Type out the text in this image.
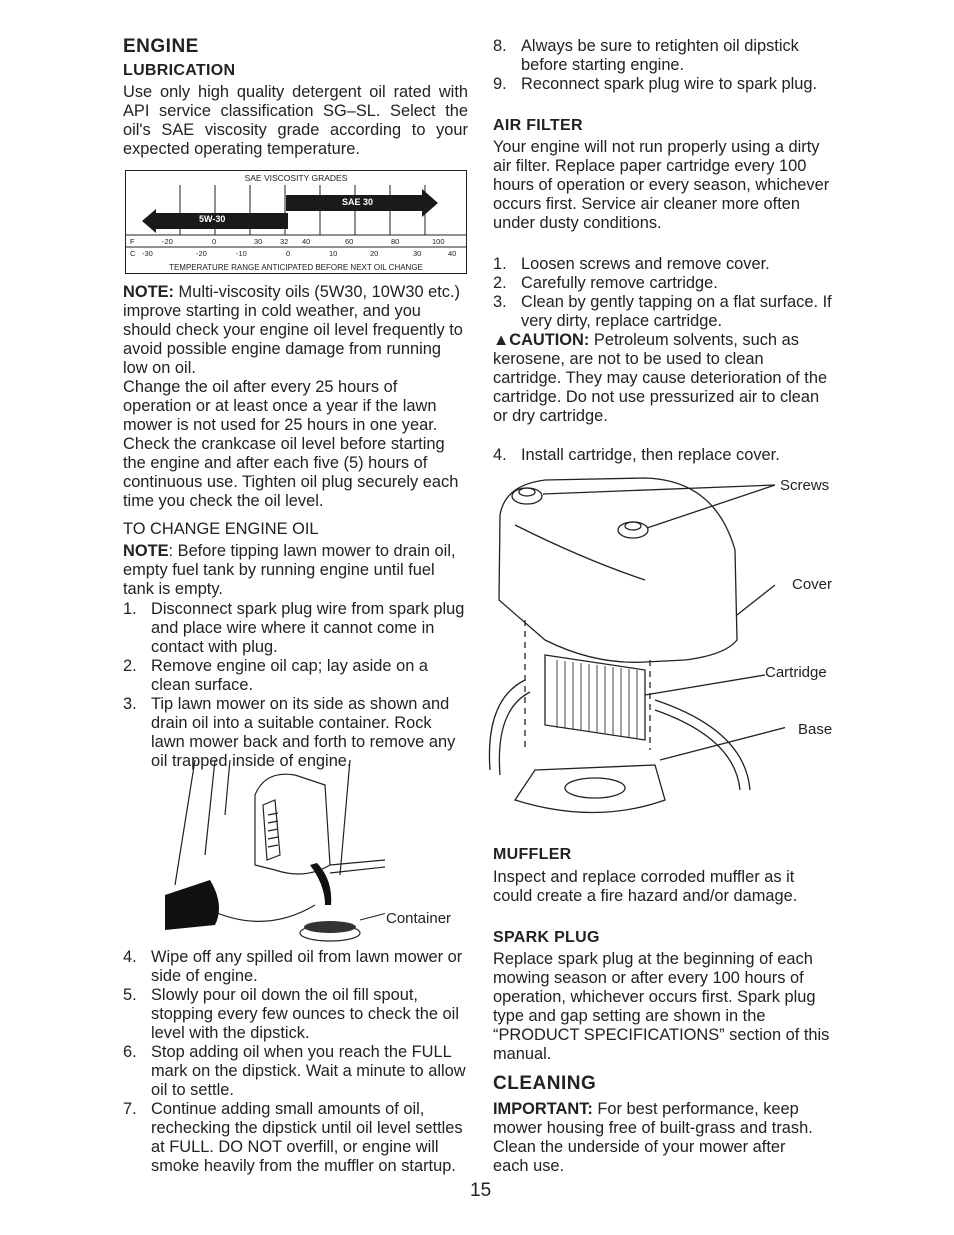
ENGINE
LUBRICATION

Use only high quality detergent oil rated with API service classification SG–SL. Select the oil's SAE viscosity grade according to your expected operating temperature.

SAE VISCOSITY GRADES
5W-30
SAE 30
F	-20	0	30 32 40	60	80	100
C -30	-20	-10	0	10	20	30	40
TEMPERATURE RANGE ANTICIPATED BEFORE NEXT OIL CHANGE

NOTE: Multi-viscosity oils (5W30, 10W30 etc.) improve starting in cold weather, and you should check your engine oil level frequently to avoid possible engine damage from running low on oil.

Change the oil after every 25 hours of operation or at least once a year if the lawn mower is not used for 25 hours in one year.

Check the crankcase oil level before starting the engine and after each five (5) hours of continuous use. Tighten oil plug securely each time you check the oil level.

TO CHANGE ENGINE OIL

NOTE: Before tipping lawn mower to drain oil, empty fuel tank by running engine until fuel tank is empty.

1. Disconnect spark plug wire from spark plug and place wire where it cannot come in contact with plug.
2. Remove engine oil cap; lay aside on a clean surface.
3. Tip lawn mower on its side as shown and drain oil into a suitable container. Rock lawn mower back and forth to remove any oil trapped inside of engine.
Container
4. Wipe off any spilled oil from lawn mower or side of engine.
5. Slowly pour oil down the oil fill spout, stopping every few ounces to check the oil level with the dipstick.
6. Stop adding oil when you reach the FULL mark on the dipstick. Wait a minute to allow oil to settle.
7. Continue adding small amounts of oil, rechecking the dipstick until oil level settles at FULL. DO NOT overfill, or engine will smoke heavily from the muffler on startup.
8. Always be sure to retighten oil dipstick before starting engine.
9. Reconnect spark plug wire to spark plug.
AIR FILTER

Your engine will not run properly using a dirty air filter. Replace paper cartridge every 100 hours of operation or every season, whichever occurs first. Service air cleaner more often under dusty conditions.

1. Loosen screws and remove cover.
2. Carefully remove cartridge.
3. Clean by gently tapping on a flat surface. If very dirty, replace cartridge.

▲CAUTION: Petroleum solvents, such as kerosene, are not to be used to clean cartridge. They may cause deterioration of the cartridge. Do not use pressurized air to clean or dry cartridge.

4. Install cartridge, then replace cover.
Screws
Cover
Cartridge
Base
MUFFLER

Inspect and replace corroded muffler as it could create a fire hazard and/or damage.

SPARK PLUG

Replace spark plug at the beginning of each mowing season or after every 100 hours of operation, whichever occurs first. Spark plug type and gap setting are shown in the “PRODUCT SPECIFICATIONS” section of this manual.

CLEANING

IMPORTANT: For best performance, keep mower housing free of built-grass and trash. Clean the underside of your mower after each use.

15
